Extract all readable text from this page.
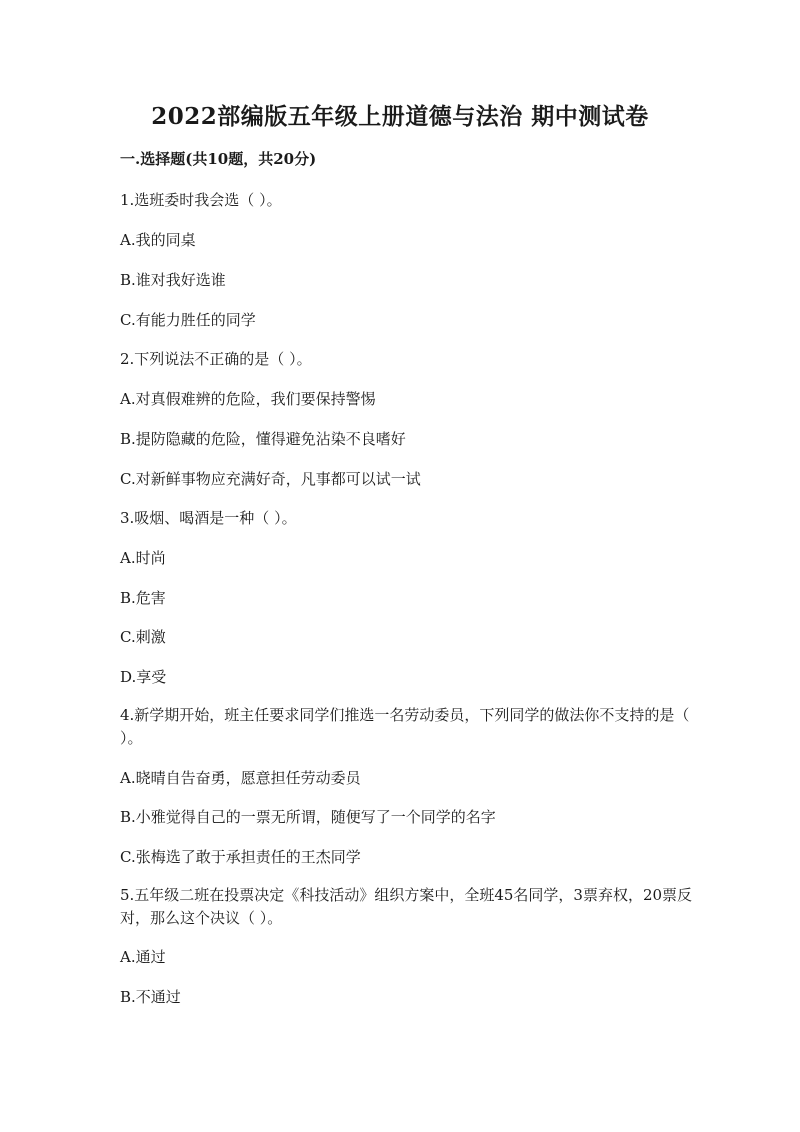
2022部编版五年级上册道德与法治 期中测试卷

一.选择题(共10题，共20分)

1.选班委时我会选（ ）。

A.我的同桌

B.谁对我好选谁

C.有能力胜任的同学

2.下列说法不正确的是（ ）。

A.对真假难辨的危险，我们要保持警惕

B.提防隐藏的危险，懂得避免沾染不良嗜好

C.对新鲜事物应充满好奇，凡事都可以试一试

3.吸烟、喝酒是一种（ ）。

A.时尚

B.危害

C.刺激

D.享受

4.新学期开始，班主任要求同学们推选一名劳动委员，下列同学的做法你不支持的是（ ）。

A.晓晴自告奋勇，愿意担任劳动委员

B.小雅觉得自己的一票无所谓，随便写了一个同学的名字

C.张梅选了敢于承担责任的王杰同学

5.五年级二班在投票决定《科技活动》组织方案中，全班45名同学，3票弃权，20票反对，那么这个决议（ ）。

A.通过

B.不通过
